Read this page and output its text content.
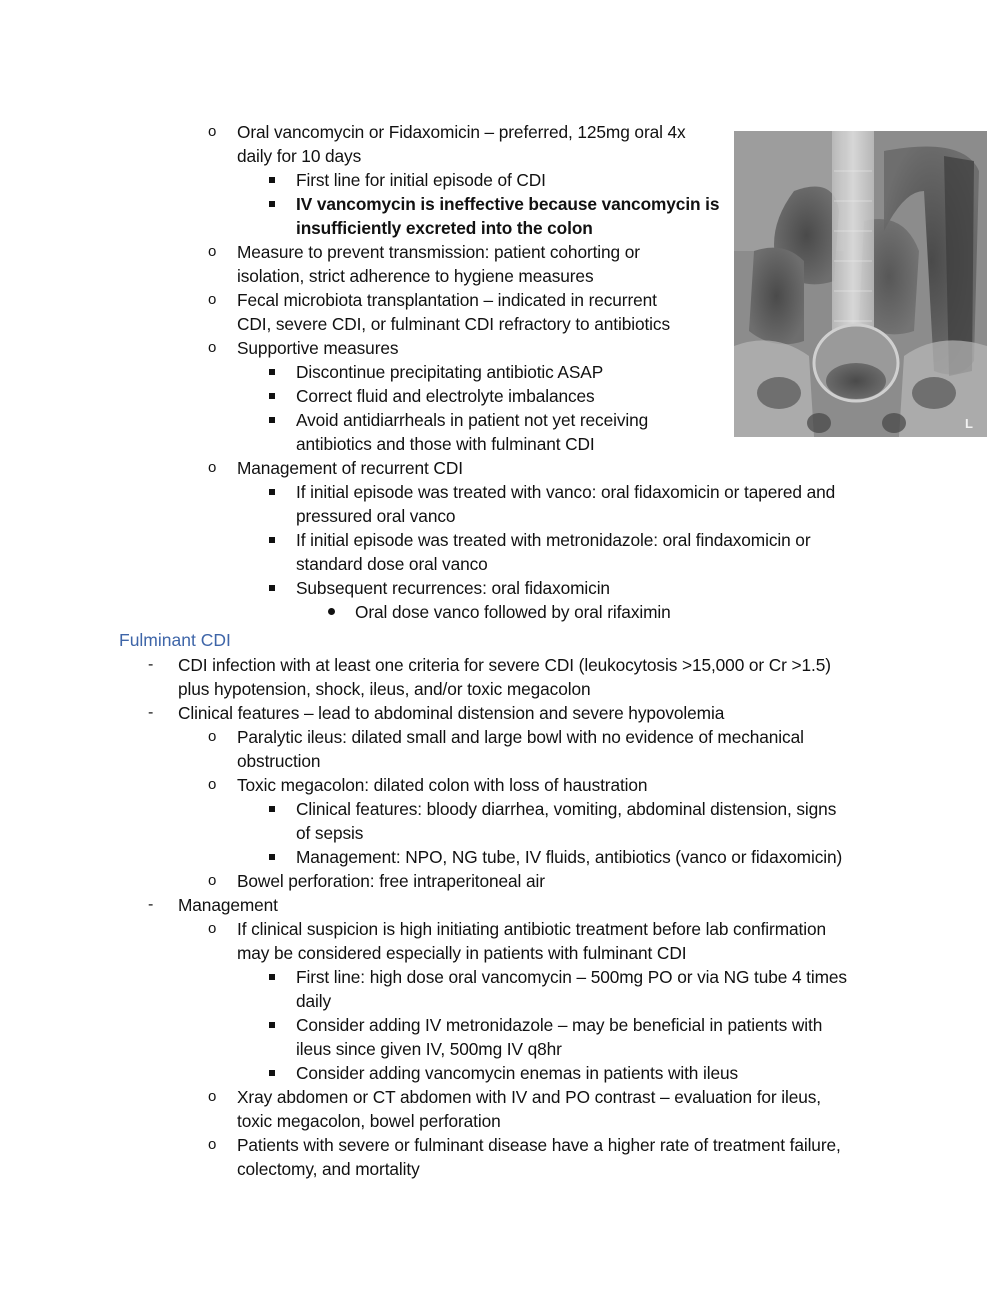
o Oral vancomycin or Fidaxomicin – preferred, 125mg oral 4x
daily for 10 days
First line for initial episode of CDI
IV vancomycin is ineffective because vancomycin is
insufficiently excreted into the colon
o Measure to prevent transmission: patient cohorting or
isolation, strict adherence to hygiene measures
o Fecal microbiota transplantation – indicated in recurrent
CDI, severe CDI, or fulminant CDI refractory to antibiotics
o Supportive measures
Discontinue precipitating antibiotic ASAP
Correct fluid and electrolyte imbalances
Avoid antidiarrheals in patient not yet receiving
antibiotics and those with fulminant CDI
o Management of recurrent CDI
If initial episode was treated with vanco: oral fidaxomicin or tapered and
pressured oral vanco
If initial episode was treated with metronidazole: oral findaxomicin or
standard dose oral vanco
Subsequent recurrences: oral fidaxomicin
Oral dose vanco followed by oral rifaximin
Fulminant CDI
- CDI infection with at least one criteria for severe CDI (leukocytosis >15,000 or Cr >1.5)
plus hypotension, shock, ileus, and/or toxic megacolon
- Clinical features – lead to abdominal distension and severe hypovolemia
o Paralytic ileus: dilated small and large bowl with no evidence of mechanical
obstruction
o Toxic megacolon: dilated colon with loss of haustration
Clinical features: bloody diarrhea, vomiting, abdominal distension, signs
of sepsis
Management: NPO, NG tube, IV fluids, antibiotics (vanco or fidaxomicin)
o Bowel perforation: free intraperitoneal air
- Management
o If clinical suspicion is high initiating antibiotic treatment before lab confirmation
may be considered especially in patients with fulminant CDI
First line: high dose oral vancomycin – 500mg PO or via NG tube 4 times
daily
Consider adding IV metronidazole – may be beneficial in patients with
ileus since given IV, 500mg IV q8hr
Consider adding vancomycin enemas in patients with ileus
o Xray abdomen or CT abdomen with IV and PO contrast – evaluation for ileus,
toxic megacolon, bowel perforation
o Patients with severe or fulminant disease have a higher rate of treatment failure,
colectomy, and mortality
L
